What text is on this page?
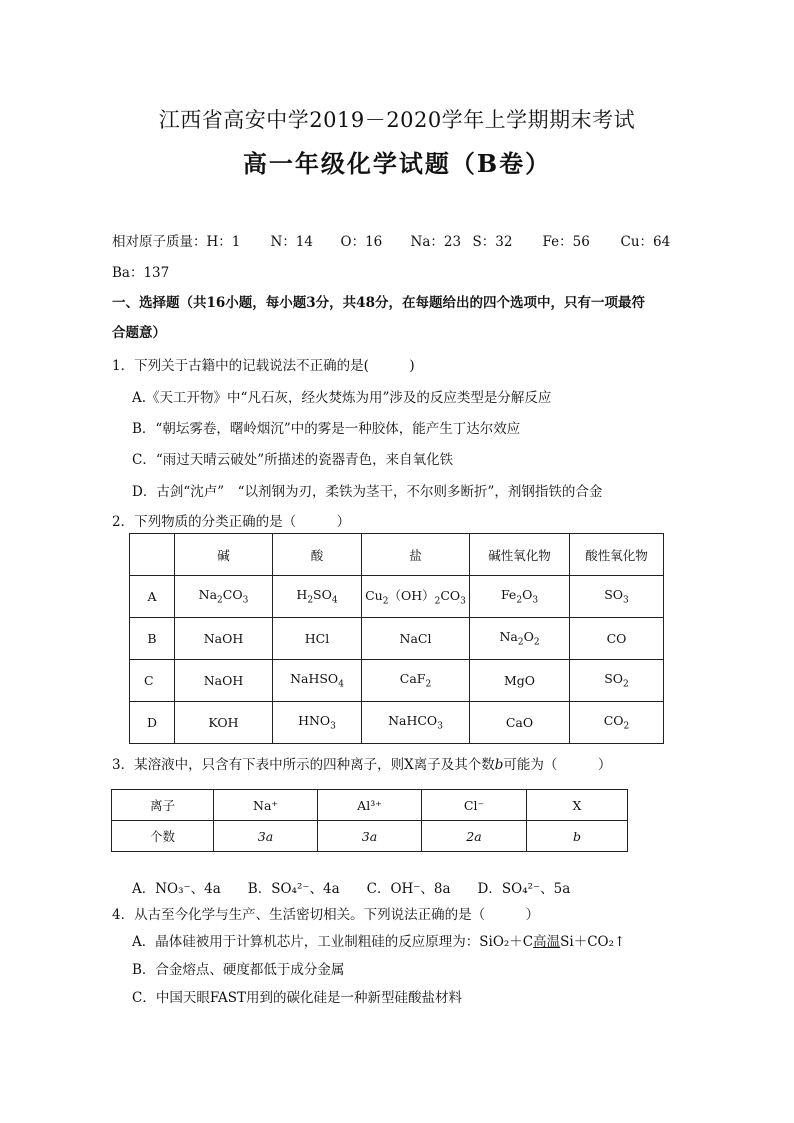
江西省高安中学2019－2020学年上学期期末考试
高一年级化学试题（B卷）
相对原子质量：H：1 N：14 O：16 Na：23 S：32 Fe：56 Cu：64
Ba：137
一、选择题（共16小题，每小题3分，共48分，在每题给出的四个选项中，只有一项最符
合题意）
1．下列关于古籍中的记载说法不正确的是(　　　)
A.《天工开物》中“凡石灰，经火焚炼为用”涉及的反应类型是分解反应
B．“朝坛雾卷，曙岭烟沉”中的雾是一种胶体，能产生丁达尔效应
C．“雨过天晴云破处”所描述的瓷器青色，来自氧化铁
D．古剑“沈卢”　“以剂钢为刃，柔铁为茎干，不尔则多断折”，剂钢指铁的合金
2．下列物质的分类正确的是（　　　）
	碱	酸	盐	碱性氧化物	酸性氧化物
A	$Na_2CO_3$	$H_2SO_4$	$Cu_2(OH)_2CO_3$	$Fe_2O_3$	$SO_3$
B	NaOH	HCl	NaCl	$Na_2O_2$	CO
C	NaOH	NaHSO$_4$	CaF$_2$	MgO	$SO_2$
D	KOH	$HNO_3$	NaHCO$_3$	CaO	$CO_2$
3．某溶液中，只含有下表中所示的四种离子，则X离子及其个数b可能为（　　　）
离子	Na⁺	Al³⁺	Cl⁻	X
个数	3a	3a	2a	b
A．NO₃⁻、4a　　B．SO₄²⁻、4a　　C．OH⁻、8a　　D．SO₄²⁻、5a
4．从古至今化学与生产、生活密切相关。下列说法正确的是（　　　）
A．晶体硅被用于计算机芯片，工业制粗硅的反应原理为：SiO₂＋C高温Si＋CO₂↑
B．合金熔点、硬度都低于成分金属
C．中国天眼FAST用到的碳化硅是一种新型硅酸盐材料
